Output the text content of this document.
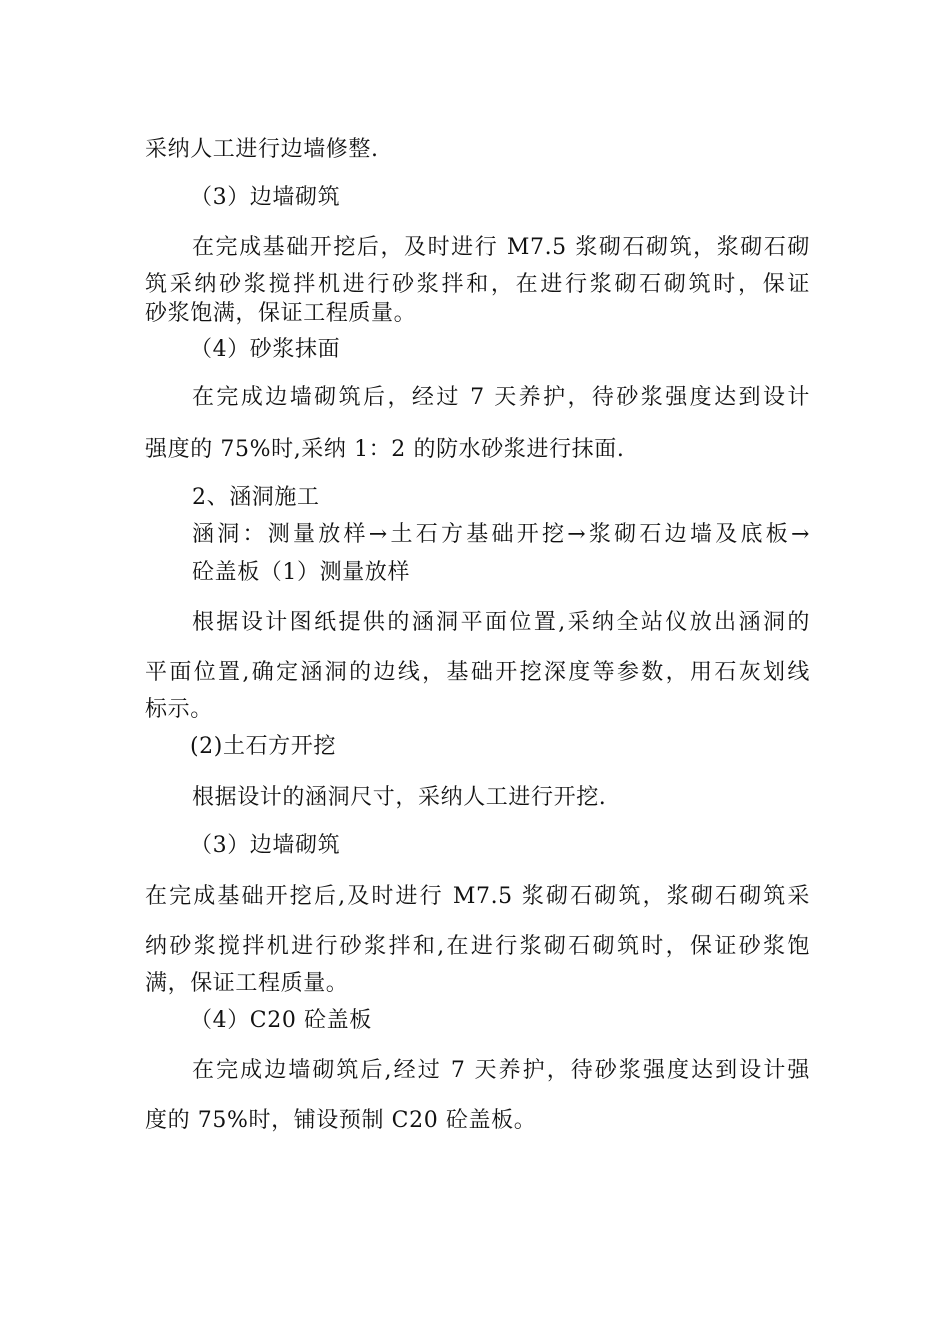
采纳人工进行边墙修整.
（3）边墙砌筑
在完成基础开挖后，及时进行 M7.5 浆砌石砌筑，浆砌石砌
筑采纳砂浆搅拌机进行砂浆拌和，在进行浆砌石砌筑时，保证
砂浆饱满，保证工程质量。
（4）砂浆抹面
在完成边墙砌筑后，经过 7 天养护，待砂浆强度达到设计
强度的 75%时,采纳 1：2 的防水砂浆进行抹面.
2、涵洞施工
涵洞：测量放样→土石方基础开挖→浆砌石边墙及底板→
砼盖板（1）测量放样
根据设计图纸提供的涵洞平面位置,采纳全站仪放出涵洞的
平面位置,确定涵洞的边线，基础开挖深度等参数，用石灰划线
标示。
(2)土石方开挖
根据设计的涵洞尺寸，采纳人工进行开挖.
（3）边墙砌筑
在完成基础开挖后,及时进行 M7.5 浆砌石砌筑，浆砌石砌筑采
纳砂浆搅拌机进行砂浆拌和,在进行浆砌石砌筑时，保证砂浆饱
满，保证工程质量。
（4）C20 砼盖板
在完成边墙砌筑后,经过 7 天养护，待砂浆强度达到设计强
度的 75%时，铺设预制 C20 砼盖板。
